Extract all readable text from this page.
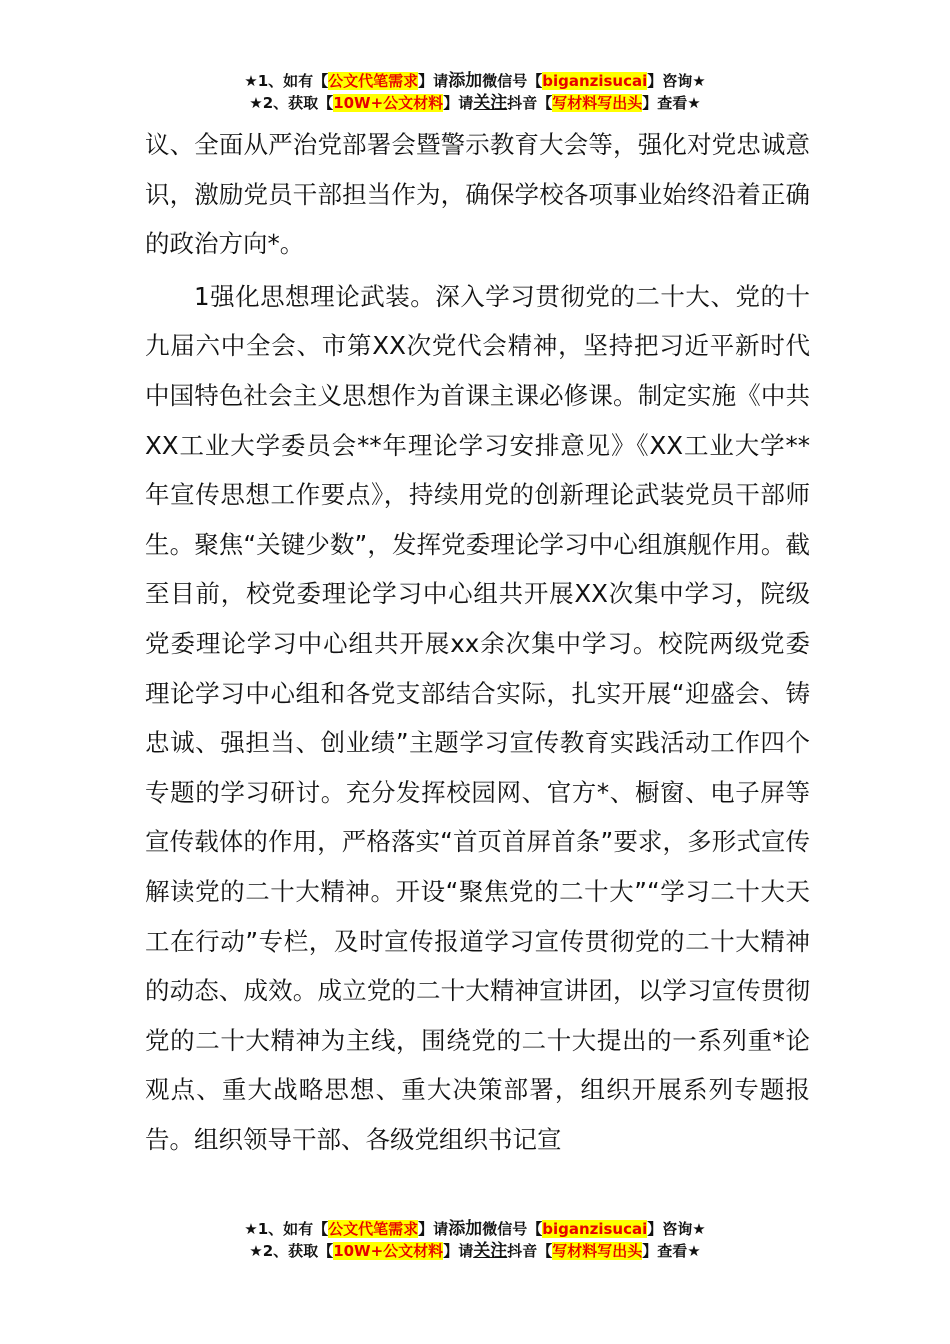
★1、如有【公文代笔需求】请添加微信号【biganzisucai】咨询★
★2、获取【10W+公文材料】请关注抖音【写材料写出头】查看★

议、全面从严治党部署会暨警示教育大会等，强化对党忠诚意识，激励党员干部担当作为，确保学校各项事业始终沿着正确的政治方向*。

1强化思想理论武装。深入学习贯彻党的二十大、党的十九届六中全会、市第XX次党代会精神，坚持把习近平新时代中国特色社会主义思想作为首课主课必修课。制定实施《中共XX工业大学委员会**年理论学习安排意见》《XX工业大学**年宣传思想工作要点》，持续用党的创新理论武装党员干部师生。聚焦“关键少数”，发挥党委理论学习中心组旗舰作用。截至目前，校党委理论学习中心组共开展XX次集中学习，院级党委理论学习中心组共开展xx余次集中学习。校院两级党委理论学习中心组和各党支部结合实际，扎实开展“迎盛会、铸忠诚、强担当、创业绩”主题学习宣传教育实践活动工作四个专题的学习研讨。充分发挥校园网、官方*、橱窗、电子屏等宣传载体的作用，严格落实“首页首屏首条”要求，多形式宣传解读党的二十大精神。开设“聚焦党的二十大”“学习二十大天工在行动”专栏，及时宣传报道学习宣传贯彻党的二十大精神的动态、成效。成立党的二十大精神宣讲团，以学习宣传贯彻党的二十大精神为主线，围绕党的二十大提出的一系列重*论观点、重大战略思想、重大决策部署，组织开展系列专题报告。组织领导干部、各级党组织书记宣

★1、如有【公文代笔需求】请添加微信号【biganzisucai】咨询★
★2、获取【10W+公文材料】请关注抖音【写材料写出头】查看★
